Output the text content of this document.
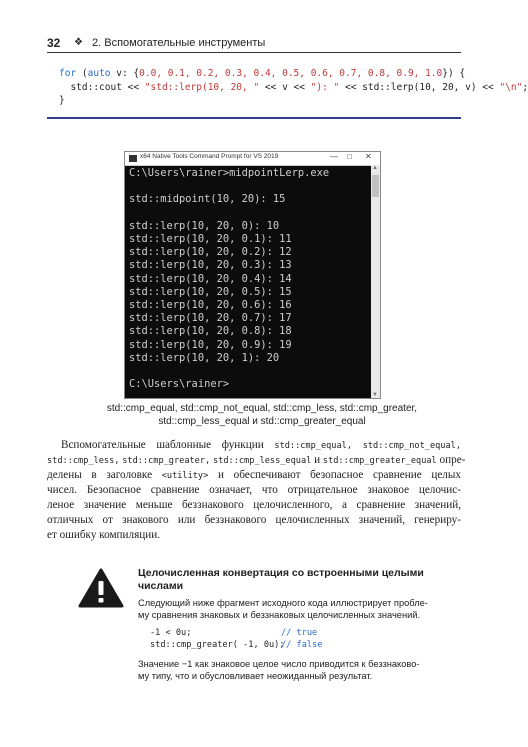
32 ❖ 2. Вспомогательные инструменты
for (auto v: {0.0, 0.1, 0.2, 0.3, 0.4, 0.5, 0.6, 0.7, 0.8, 0.9, 1.0}) {
std::cout << "std::lerp(10, 20, " << v << "): " << std::lerp(10, 20, v) << "\n";
}
x64 Native Tools Command Prompt for VS 2019	— □ ✕
C:\Users\rainer>midpointLerp.exe
std::midpoint(10, 20): 15
std::lerp(10, 20, 0): 10
std::lerp(10, 20, 0.1): 11
std::lerp(10, 20, 0.2): 12
std::lerp(10, 20, 0.3): 13
std::lerp(10, 20, 0.4): 14
std::lerp(10, 20, 0.5): 15
std::lerp(10, 20, 0.6): 16
std::lerp(10, 20, 0.7): 17
std::lerp(10, 20, 0.8): 18
std::lerp(10, 20, 0.9): 19
std::lerp(10, 20, 1): 20
C:\Users\rainer>
▲
▼
std::cmp_equal, std::cmp_not_equal, std::cmp_less, std::cmp_greater,
std::cmp_less_equal и std::cmp_greater_equal
Вспомогательные шаблонные функции std::cmp_equal, std::cmp_not_equal,
std::cmp_less, std::cmp_greater, std::cmp_less_equal и std::cmp_greater_equal опре-
делены в заголовке <utility> и обеспечивают безопасное сравнение целых
чисел. Безопасное сравнение означает, что отрицательное знаковое целочис-
леное значение меньше беззнакового целочисленного, а сравнение значений,
отличных от знакового или беззнакового целочисленных значений, генериру-
ет ошибку компиляции.
Целочисленная конвертация со встроенными целыми
числами
Следующий ниже фрагмент исходного кода иллюстрирует пробле-
му сравнения знаковых и беззнаковых целочисленных значений.
-1 < 0u;	// true
std::cmp_greater( -1, 0u);
// false
Значение −1 как знаковое целое число приводится к беззнаково-
му типу, что и обусловливает неожиданный результат.
